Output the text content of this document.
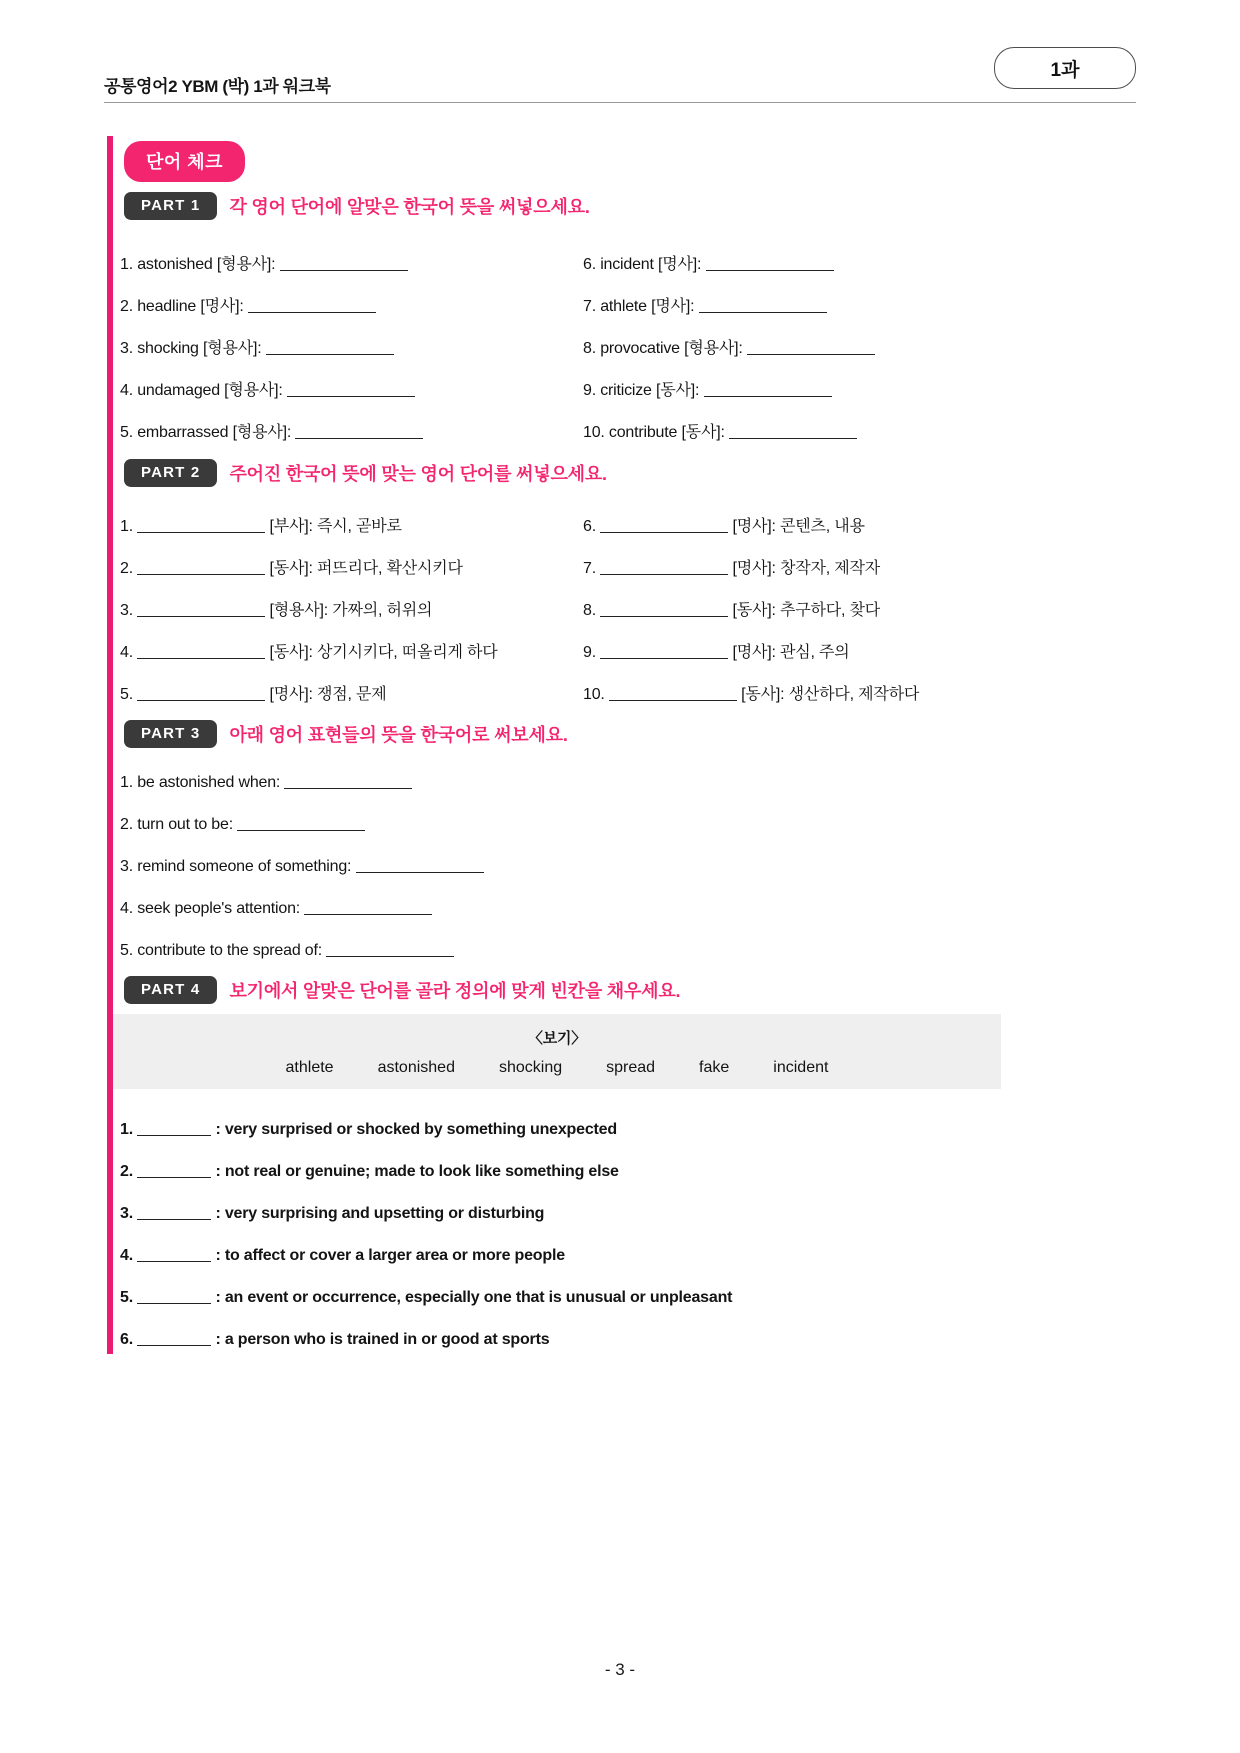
공통영어2 YBM (박) 1과 워크북
1과
단어 체크
PART 1	각 영어 단어에 알맞은 한국어 뜻을 써넣으세요.
1. astonished [형용사]:
2. headline [명사]:
3. shocking [형용사]:
4. undamaged [형용사]:
5. embarrassed [형용사]:
6. incident [명사]:
7. athlete [명사]:
8. provocative [형용사]:
9. criticize [동사]:
10. contribute [동사]:
PART 2	주어진 한국어 뜻에 맞는 영어 단어를 써넣으세요.
1.	[부사]: 즉시, 곧바로
2.	[동사]: 퍼뜨리다, 확산시키다
3.	[형용사]: 가짜의, 허위의
4.	[동사]: 상기시키다, 떠올리게 하다
5.	[명사]: 쟁점, 문제
6.	[명사]: 콘텐츠, 내용
7.	[명사]: 창작자, 제작자
8.	[동사]: 추구하다, 찾다
9.	[명사]: 관심, 주의
10.	[동사]: 생산하다, 제작하다
PART 3	아래 영어 표현들의 뜻을 한국어로 써보세요.
1. be astonished when:
2. turn out to be:
3. remind someone of something:
4. seek people's attention:
5. contribute to the spread of:
PART 4	보기에서 알맞은 단어를 골라 정의에 맞게 빈칸을 채우세요.
〈보기〉
athlete	astonished	shocking	spread	fake	incident
1.	: very surprised or shocked by something unexpected
2.	: not real or genuine; made to look like something else
3.	: very surprising and upsetting or disturbing
4.	: to affect or cover a larger area or more people
5.	: an event or occurrence, especially one that is unusual or unpleasant
6.	: a person who is trained in or good at sports
- 3 -
